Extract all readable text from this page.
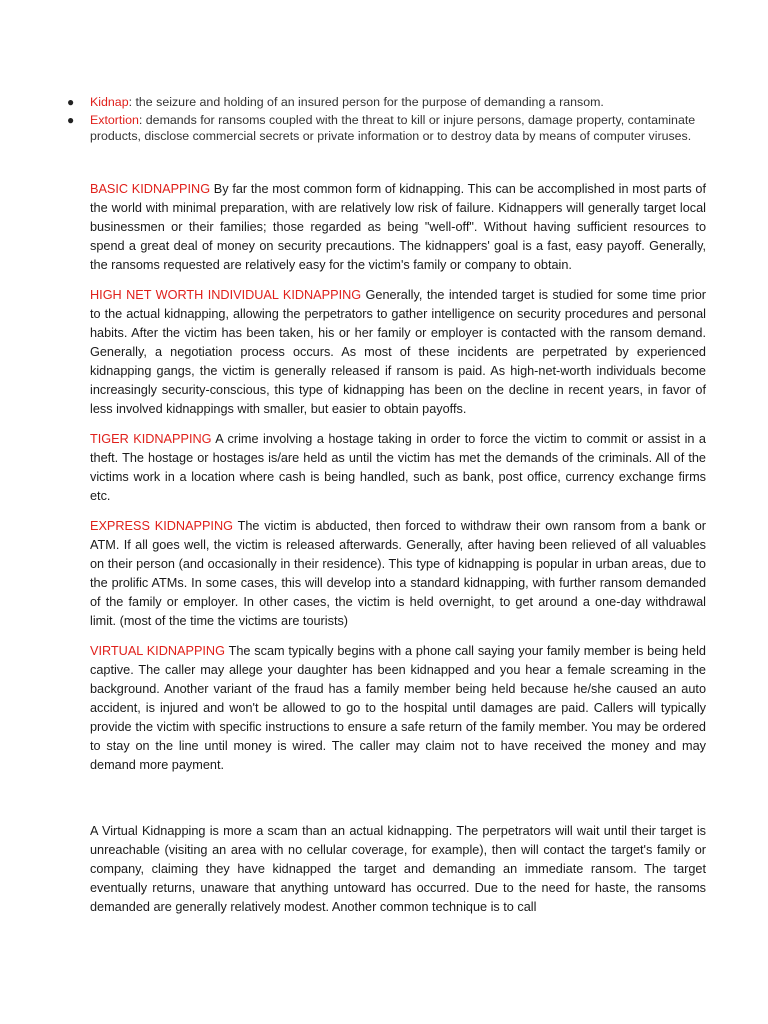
● Kidnap: the seizure and holding of an insured person for the purpose of demanding a ransom.
● Extortion: demands for ransoms coupled with the threat to kill or injure persons, damage property, contaminate products, disclose commercial secrets or private information or to destroy data by means of computer viruses.

BASIC KIDNAPPING By far the most common form of kidnapping. This can be accomplished in most parts of the world with minimal preparation, with are relatively low risk of failure. Kidnappers will generally target local businessmen or their families; those regarded as being "well-off". Without having sufficient resources to spend a great deal of money on security precautions. The kidnappers' goal is a fast, easy payoff. Generally, the ransoms requested are relatively easy for the victim's family or company to obtain.

HIGH NET WORTH INDIVIDUAL KIDNAPPING Generally, the intended target is studied for some time prior to the actual kidnapping, allowing the perpetrators to gather intelligence on security procedures and personal habits. After the victim has been taken, his or her family or employer is contacted with the ransom demand. Generally, a negotiation process occurs. As most of these incidents are perpetrated by experienced kidnapping gangs, the victim is generally released if ransom is paid. As high-net-worth individuals become increasingly security-conscious, this type of kidnapping has been on the decline in recent years, in favor of less involved kidnappings with smaller, but easier to obtain payoffs.

TIGER KIDNAPPING A crime involving a hostage taking in order to force the victim to commit or assist in a theft. The hostage or hostages is/are held as until the victim has met the demands of the criminals. All of the victims work in a location where cash is being handled, such as bank, post office, currency exchange firms etc.

EXPRESS KIDNAPPING The victim is abducted, then forced to withdraw their own ransom from a bank or ATM. If all goes well, the victim is released afterwards. Generally, after having been relieved of all valuables on their person (and occasionally in their residence). This type of kidnapping is popular in urban areas, due to the prolific ATMs. In some cases, this will develop into a standard kidnapping, with further ransom demanded of the family or employer. In other cases, the victim is held overnight, to get around a one-day withdrawal limit. (most of the time the victims are tourists)

VIRTUAL KIDNAPPING The scam typically begins with a phone call saying your family member is being held captive. The caller may allege your daughter has been kidnapped and you hear a female screaming in the background. Another variant of the fraud has a family member being held because he/she caused an auto accident, is injured and won't be allowed to go to the hospital until damages are paid. Callers will typically provide the victim with specific instructions to ensure a safe return of the family member. You may be ordered to stay on the line until money is wired. The caller may claim not to have received the money and may demand more payment.

A Virtual Kidnapping is more a scam than an actual kidnapping. The perpetrators will wait until their target is unreachable (visiting an area with no cellular coverage, for example), then will contact the target's family or company, claiming they have kidnapped the target and demanding an immediate ransom. The target eventually returns, unaware that anything untoward has occurred. Due to the need for haste, the ransoms demanded are generally relatively modest. Another common technique is to call
